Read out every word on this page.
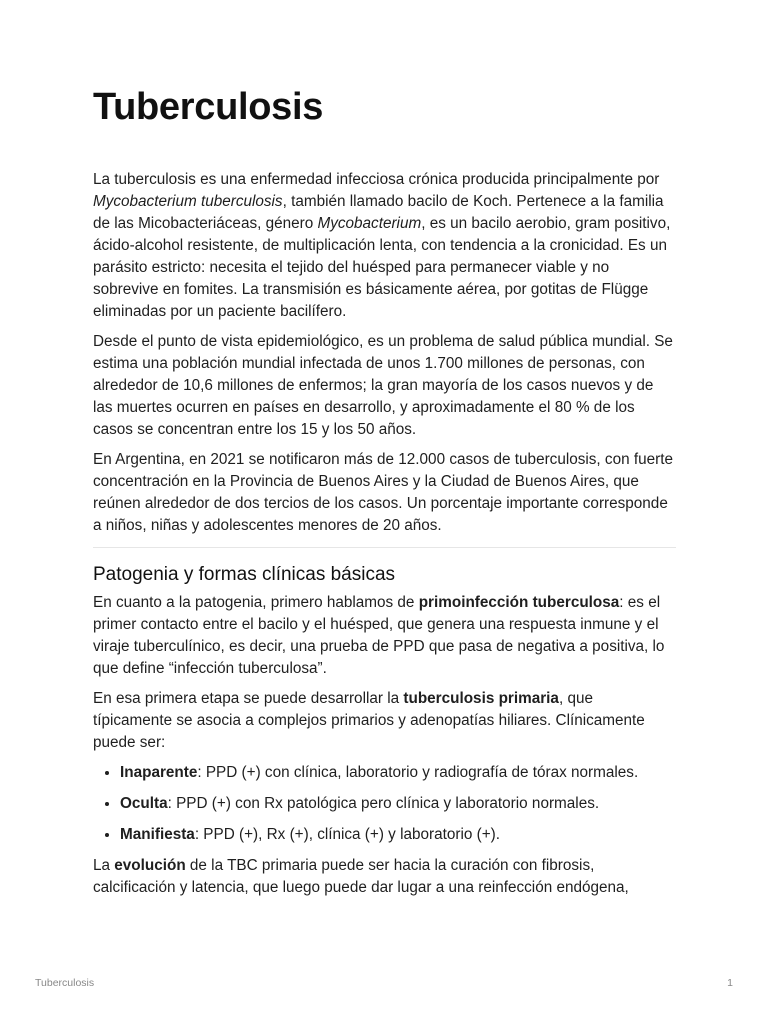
Tuberculosis

La tuberculosis es una enfermedad infecciosa crónica producida principalmente por Mycobacterium tuberculosis, también llamado bacilo de Koch. Pertenece a la familia de las Micobacteriáceas, género Mycobacterium, es un bacilo aerobio, gram positivo, ácido-alcohol resistente, de multiplicación lenta, con tendencia a la cronicidad. Es un parásito estricto: necesita el tejido del huésped para permanecer viable y no sobrevive en fomites. La transmisión es básicamente aérea, por gotitas de Flügge eliminadas por un paciente bacilífero.

Desde el punto de vista epidemiológico, es un problema de salud pública mundial. Se estima una población mundial infectada de unos 1.700 millones de personas, con alrededor de 10,6 millones de enfermos; la gran mayoría de los casos nuevos y de las muertes ocurren en países en desarrollo, y aproximadamente el 80 % de los casos se concentran entre los 15 y los 50 años.

En Argentina, en 2021 se notificaron más de 12.000 casos de tuberculosis, con fuerte concentración en la Provincia de Buenos Aires y la Ciudad de Buenos Aires, que reúnen alrededor de dos tercios de los casos. Un porcentaje importante corresponde a niños, niñas y adolescentes menores de 20 años.

Patogenia y formas clínicas básicas

En cuanto a la patogenia, primero hablamos de primoinfección tuberculosa: es el primer contacto entre el bacilo y el huésped, que genera una respuesta inmune y el viraje tuberculínico, es decir, una prueba de PPD que pasa de negativa a positiva, lo que define “infección tuberculosa”.

En esa primera etapa se puede desarrollar la tuberculosis primaria, que típicamente se asocia a complejos primarios y adenopatías hiliares. Clínicamente puede ser:

• Inaparente: PPD (+) con clínica, laboratorio y radiografía de tórax normales.
• Oculta: PPD (+) con Rx patológica pero clínica y laboratorio normales.
• Manifiesta: PPD (+), Rx (+), clínica (+) y laboratorio (+).

La evolución de la TBC primaria puede ser hacia la curación con fibrosis, calcificación y latencia, que luego puede dar lugar a una reinfección endógena,

Tuberculosis	1
